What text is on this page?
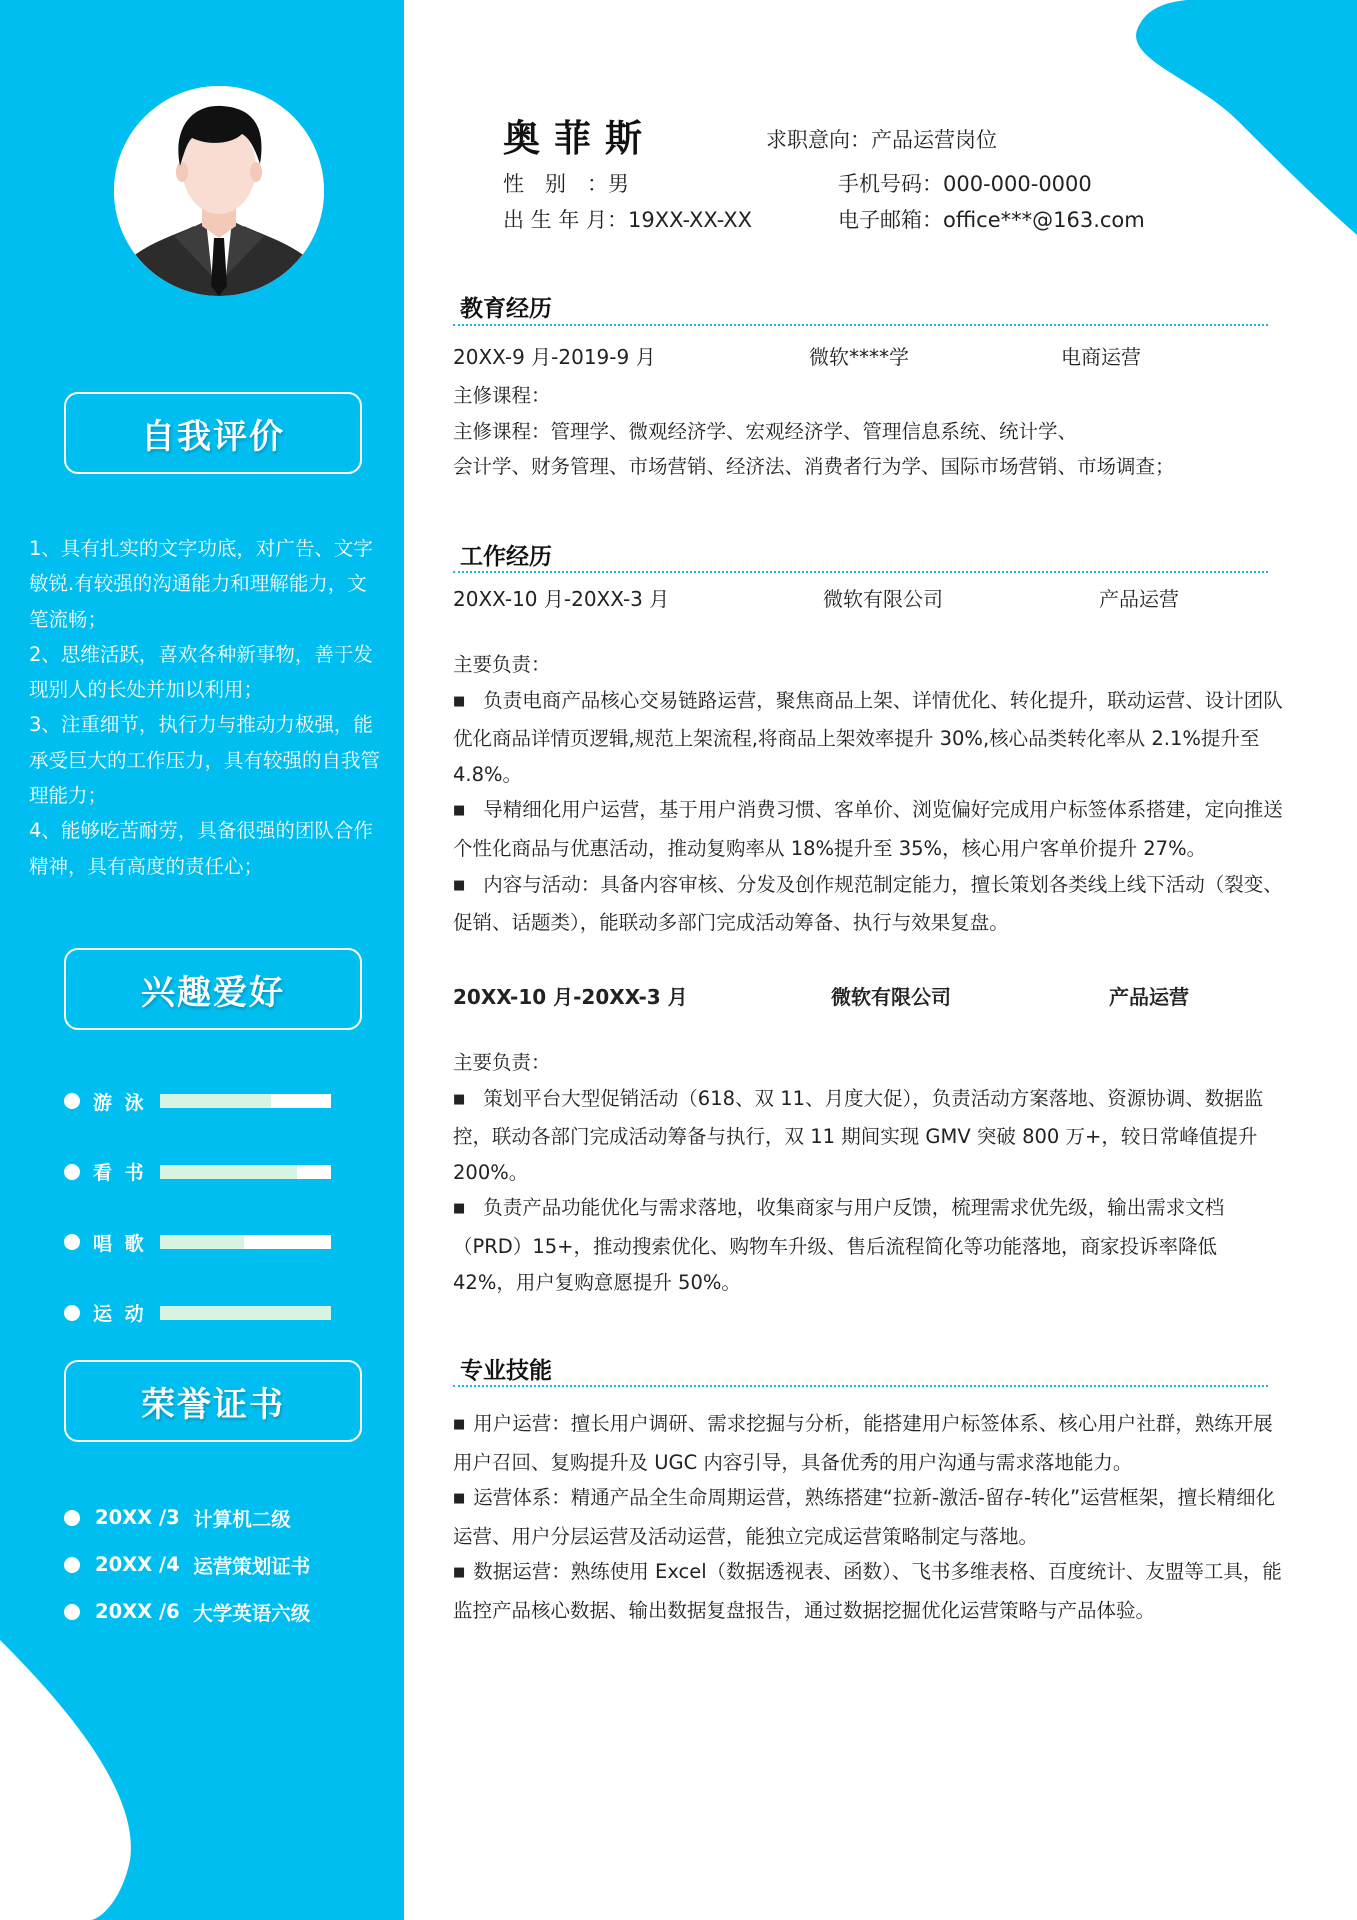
自我评价

1、具有扎实的文字功底，对广告、文字敏锐.有较强的沟通能力和理解能力，文笔流畅；

2、思维活跃，喜欢各种新事物，善于发现别人的长处并加以利用；

3、注重细节，执行力与推动力极强，能承受巨大的工作压力，具有较强的自我管理能力；

4、能够吃苦耐劳，具备很强的团队合作精神，具有高度的责任心；

兴趣爱好
游 泳
看 书
唱 歌
运 动
荣誉证书
20XX /3
计算机二级
20XX /4
运营策划证书
20XX /6
大学英语六级
奥菲斯	求职意向：产品运营岗位
性　别　：男
出 生 年 月：19XX-XX-XX
手机号码：000-000-0000
电子邮箱：office***@163.com
教育经历
20XX-9 月-2019-9 月	微软****学	电商运营

主修课程：

主修课程：管理学、微观经济学、宏观经济学、管理信息系统、统计学、

会计学、财务管理、市场营销、经济法、消费者行为学、国际市场营销、市场调查；

工作经历
20XX-10 月-20XX-3 月	微软有限公司	产品运营

主要负责：

■ 负责电商产品核心交易链路运营，聚焦商品上架、详情优化、转化提升，联动运营、设计团队优化商品详情页逻辑,规范上架流程,将商品上架效率提升 30%,核心品类转化率从 2.1%提升至 4.8%。

■ 导精细化用户运营，基于用户消费习惯、客单价、浏览偏好完成用户标签体系搭建，定向推送个性化商品与优惠活动，推动复购率从 18%提升至 35%，核心用户客单价提升 27%。

■ 内容与活动：具备内容审核、分发及创作规范制定能力，擅长策划各类线上线下活动（裂变、促销、话题类），能联动多部门完成活动筹备、执行与效果复盘。

20XX-10 月-20XX-3 月	微软有限公司	产品运营

主要负责：

■ 策划平台大型促销活动（618、双 11、月度大促），负责活动方案落地、资源协调、数据监控，联动各部门完成活动筹备与执行，双 11 期间实现 GMV 突破 800 万+，较日常峰值提升 200%。

■ 负责产品功能优化与需求落地，收集商家与用户反馈，梳理需求优先级，输出需求文档（PRD）15+，推动搜索优化、购物车升级、售后流程简化等功能落地，商家投诉率降低 42%，用户复购意愿提升 50%。

专业技能

■ 用户运营：擅长用户调研、需求挖掘与分析，能搭建用户标签体系、核心用户社群，熟练开展用户召回、复购提升及 UGC 内容引导，具备优秀的用户沟通与需求落地能力。

■ 运营体系：精通产品全生命周期运营，熟练搭建“拉新-激活-留存-转化”运营框架，擅长精细化运营、用户分层运营及活动运营，能独立完成运营策略制定与落地。

■ 数据运营：熟练使用 Excel（数据透视表、函数）、飞书多维表格、百度统计、友盟等工具，能监控产品核心数据、输出数据复盘报告，通过数据挖掘优化运营策略与产品体验。
